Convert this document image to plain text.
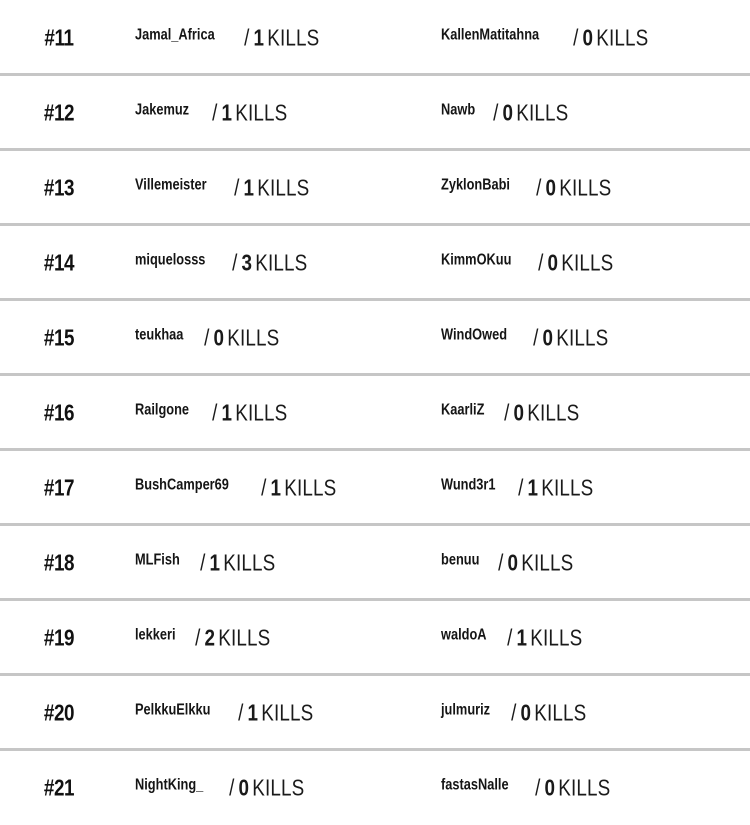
#11	Jamal_Africa	/ 1 KILLS	KallenMatitahna	/ 0 KILLS
#12	Jakemuz / 1 KILLS	Nawb / 0 KILLS
#13	Villemeister	/ 1 KILLS	ZyklonBabi	/ 0 KILLS
#14	miquelosss	/ 3 KILLS	KimmOKuu	/ 0 KILLS
#15	teukhaa / 0 KILLS	WindOwed	/ 0 KILLS
#16	Railgone / 1 KILLS	KaarliZ / 0 KILLS
#17	BushCamper69	/ 1 KILLS	Wund3r1 / 1 KILLS
#18	MLFish / 1 KILLS	benuu / 0 KILLS
#19	lekkeri / 2 KILLS	waldoA / 1 KILLS
#20	PelkkuElkku	/ 1 KILLS	julmuriz / 0 KILLS
#21	NightKing_	/ 0 KILLS	fastasNalle	/ 0 KILLS
